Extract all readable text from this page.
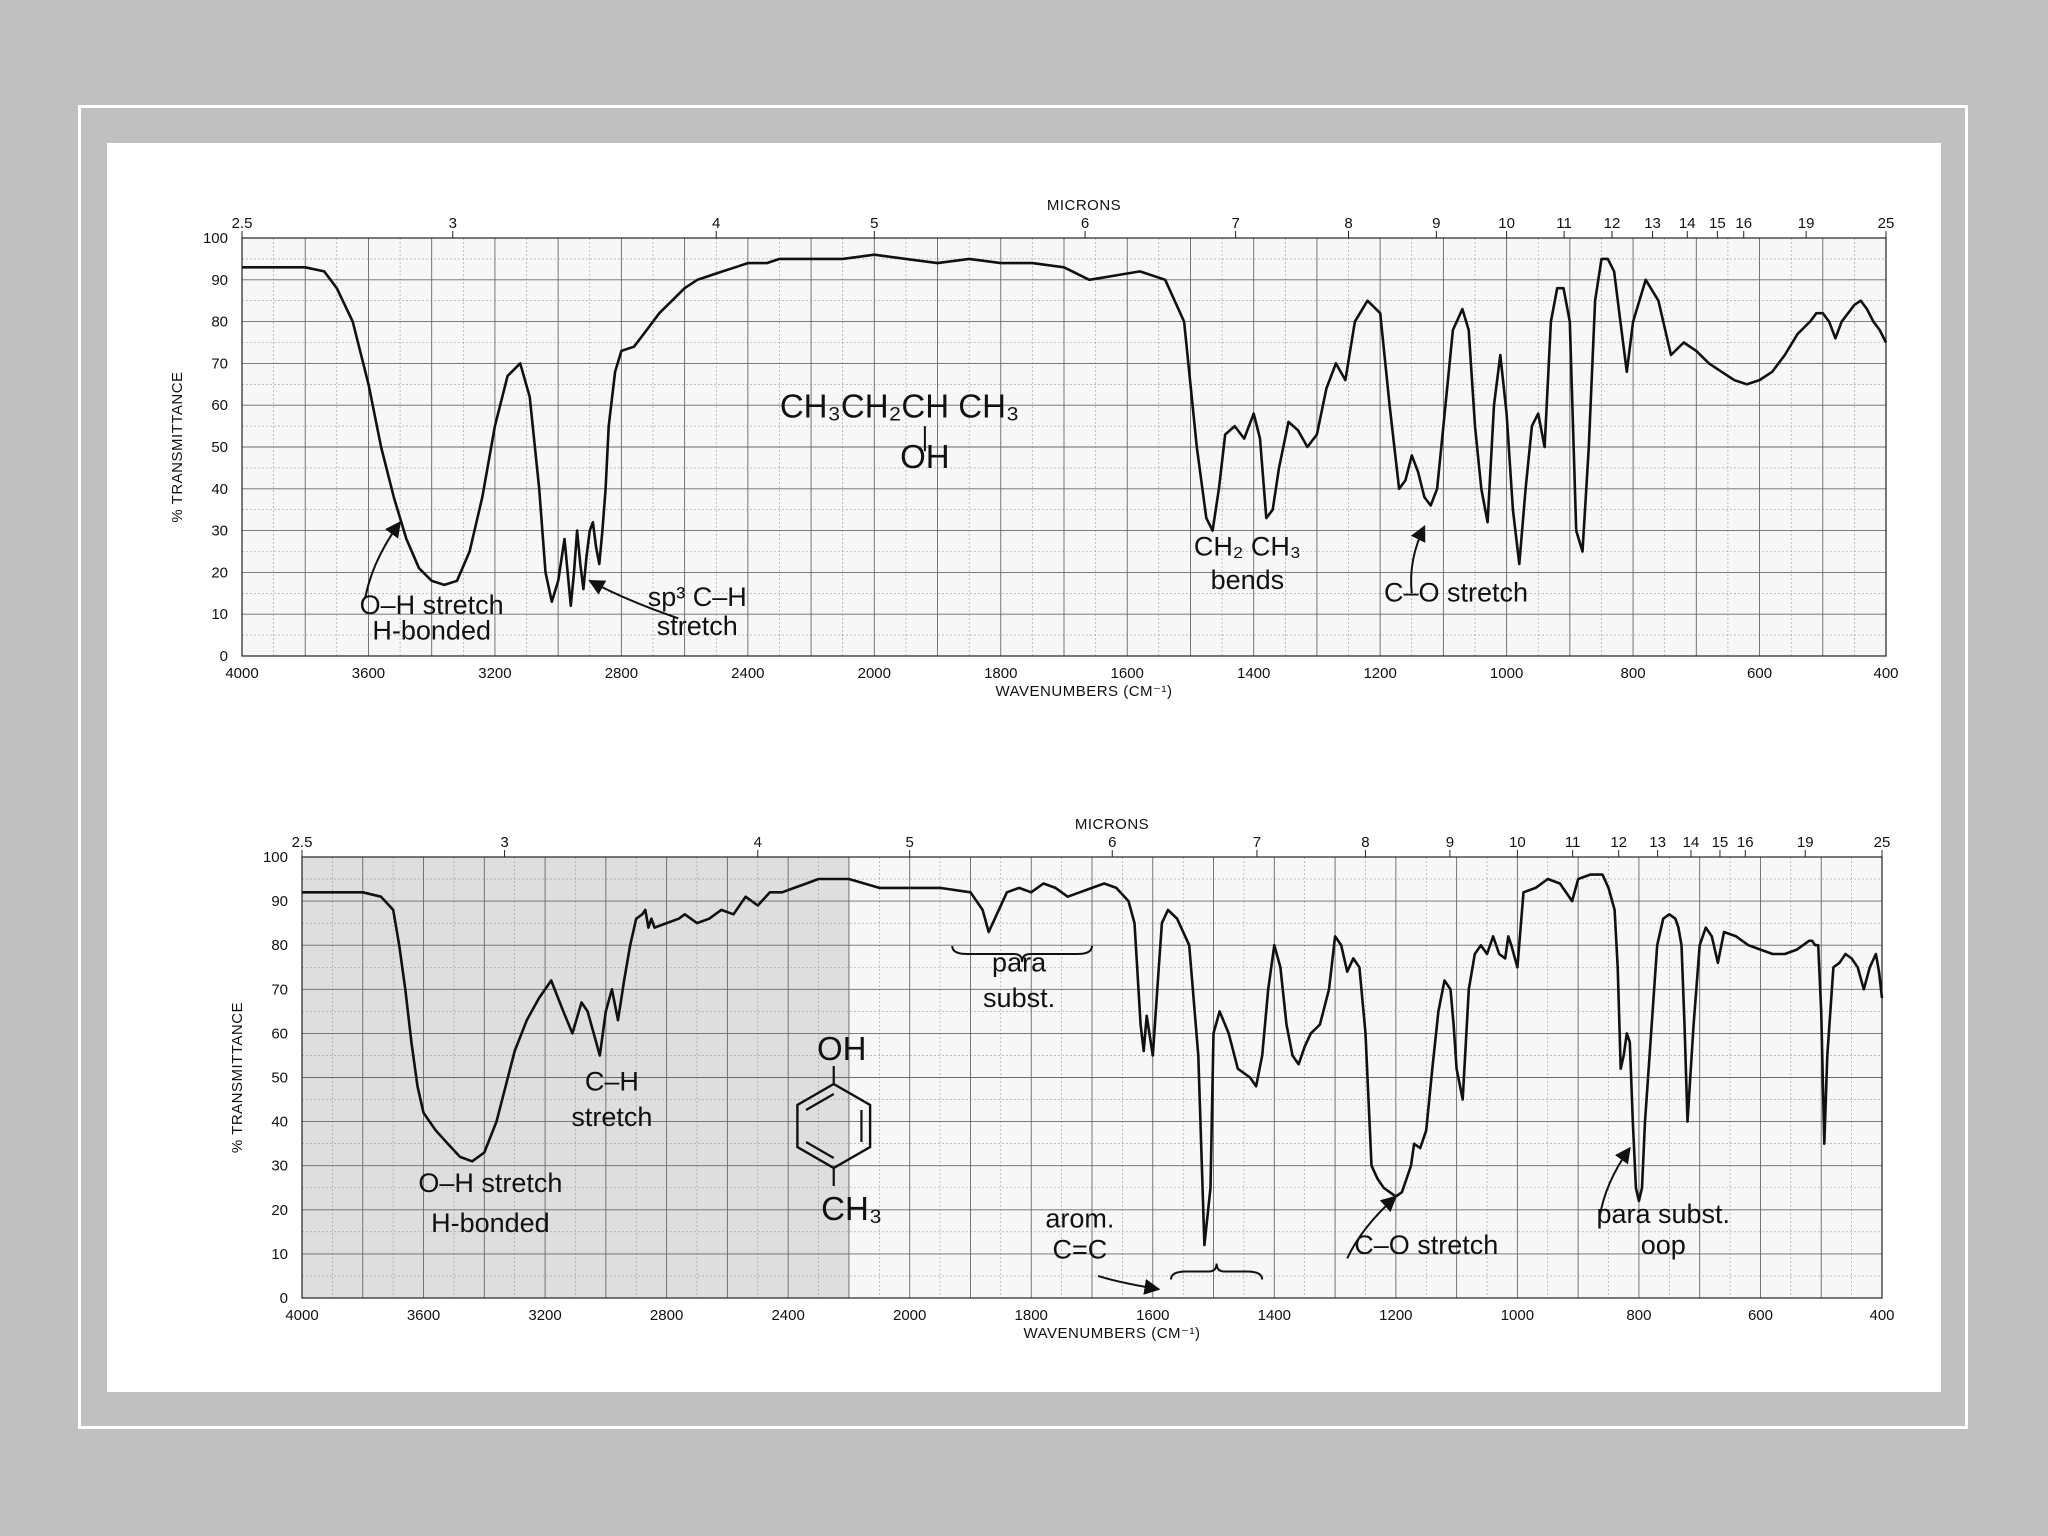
0
10
20
30
40
50
60
70
80
90
100
4000	3600	3200	2800	2400	2000	1800	1600	1400	1200	1000	800	600	400
2.5	3	4	5	6	7	8	9	10	11 12 13 14 15 16	19	25
MICRONS
WAVENUMBERS (CM⁻¹)
% TRANSMITTANCE
O–H stretch
H-bonded
sp³ C–H
stretch
CH₂ CH₃
bends	C–O stretch
CH₃CH₂CH CH₃
OH
0
10
20
30
40
50
60
70
80
90
100
4000	3600	3200	2800	2400	2000	1800	1600	1400	1200	1000	800	600	400
2.5	3	4	5	6	7	8	9	10	11 12 13 14 15 16	19	25
MICRONS
WAVENUMBERS (CM⁻¹)
% TRANSMITTANCE
para
subst.
C–H
stretch
O–H stretch
H-bonded	arom.
C=C	C–O stretch
para subst.
oop
OH
CH₃
